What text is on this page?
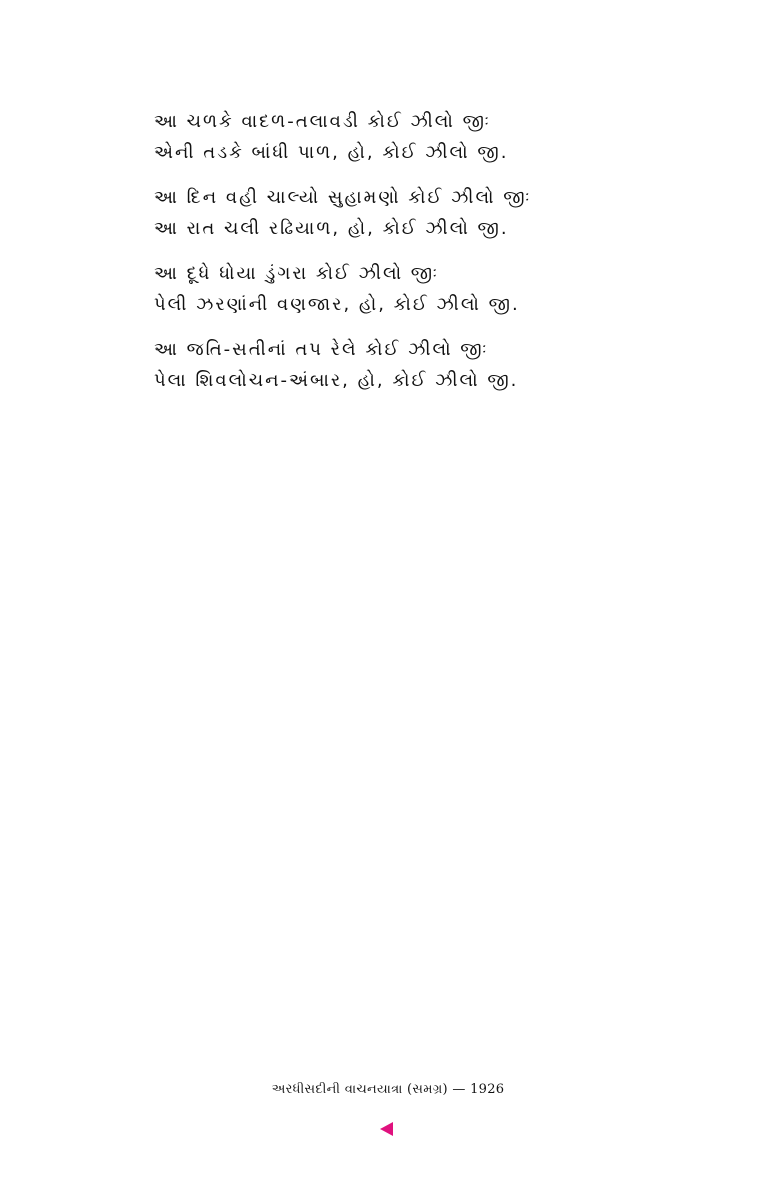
આ ચળકે વાદળ-તલાવડી કોઈ ઝીલો જીઃ
એની તડકે બાંધી પાળ, હો, કોઈ ઝીલો જી.
આ દિન વહી ચાલ્યો સુહામણો કોઈ ઝીલો જીઃ
આ રાત ચલી રઢિયાળ, હો, કોઈ ઝીલો જી.
આ દૂધે ધોયા ડુંગરા કોઈ ઝીલો જીઃ
પેલી ઝરણાંની વણજાર, હો, કોઈ ઝીલો જી.
આ જતિ-સતીનાં તપ રેલે કોઈ ઝીલો જીઃ
પેલા શિવલોચન-અંબાર, હો, કોઈ ઝીલો જી.
અરધીસદીની વાચનયાત્રા (સમગ્ર) — 1926
